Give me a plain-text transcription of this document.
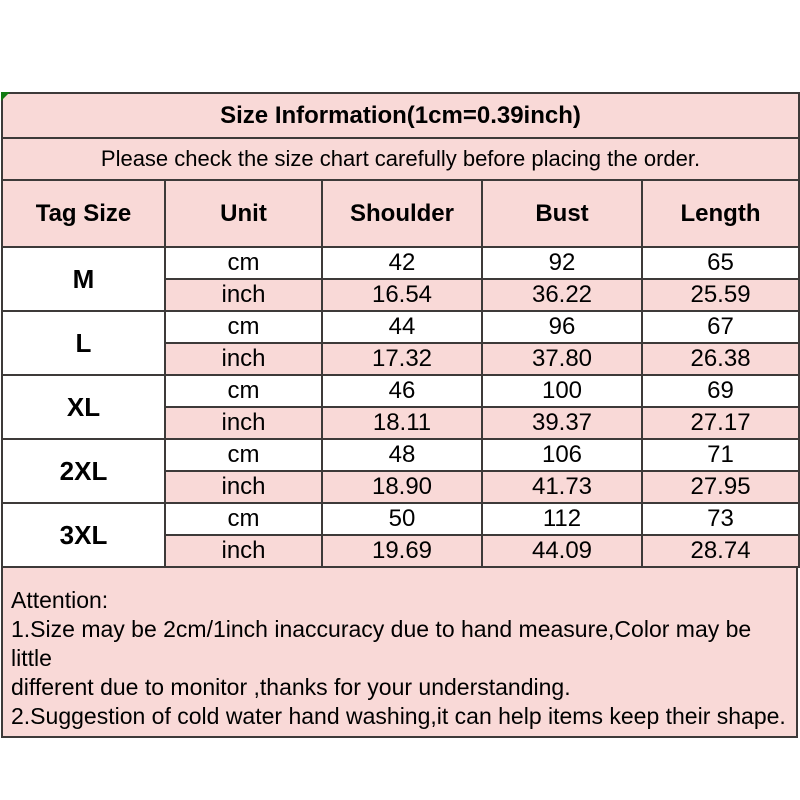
Size Information(1cm=0.39inch)				
Please check the size chart carefully before placing the order.				
Tag Size	Unit	Shoulder	Bust	Length
M	cm	42	92	65
	inch	16.54	36.22	25.59
L	cm	44	96	67
	inch	17.32	37.80	26.38
XL	cm	46	100	69
	inch	18.11	39.37	27.17
2XL	cm	48	106	71
	inch	18.90	41.73	27.95
3XL	cm	50	112	73
	inch	19.69	44.09	28.74
Attention:
1.Size may be 2cm/1inch inaccuracy due to hand measure,Color may be little
different due to monitor ,thanks for your understanding.
2.Suggestion of cold water hand washing,it can help items keep their shape.
